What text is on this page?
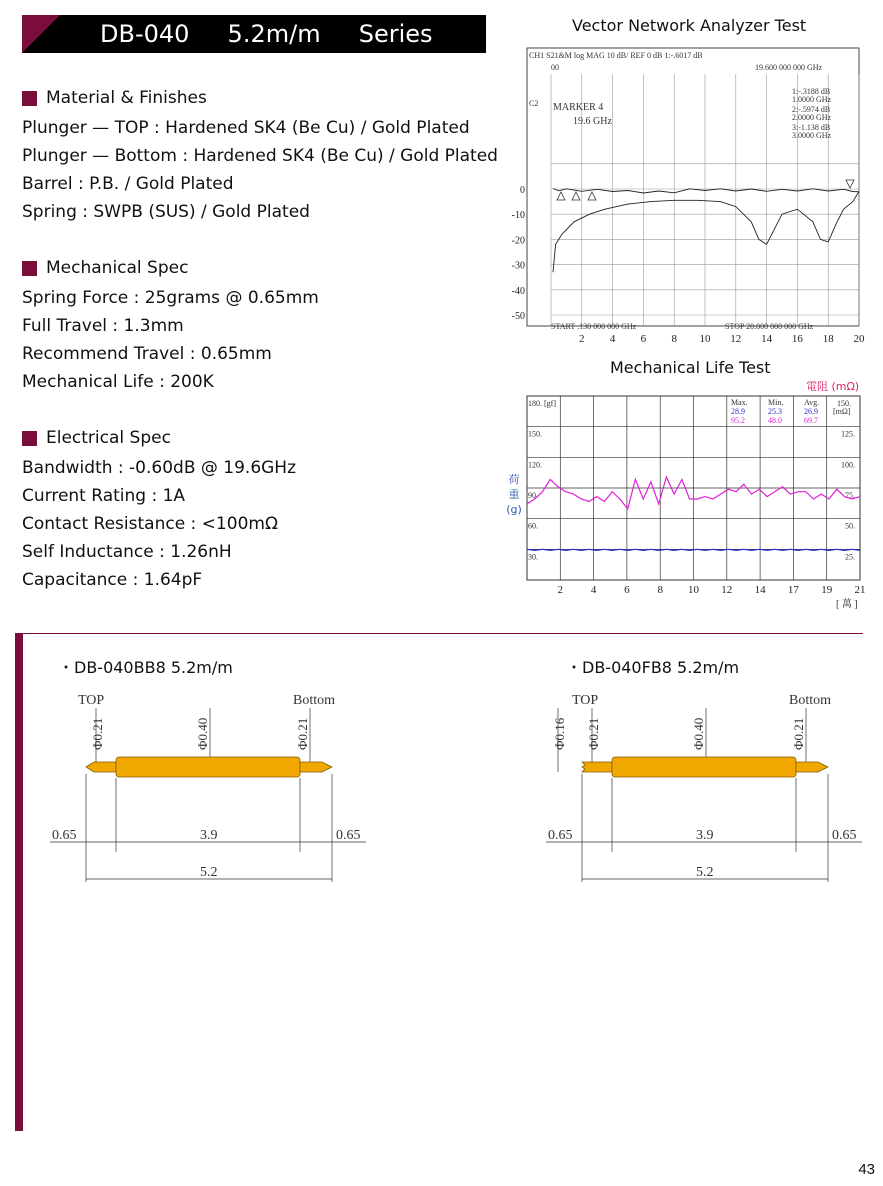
DB-040     5.2m/m     Series
Material & Finishes
Plunger — TOP : Hardened SK4 (Be Cu) / Gold Plated
Plunger — Bottom : Hardened SK4 (Be Cu) / Gold Plated
Barrel : P.B. / Gold Plated
Spring : SWPB (SUS) / Gold Plated
Mechanical Spec
Spring Force : 25grams @ 0.65mm
Full Travel : 1.3mm
Recommend Travel : 0.65mm
Mechanical Life : 200K
Electrical Spec
Bandwidth : -0.60dB @ 19.6GHz
Current Rating : 1A
Contact Resistance : <100mΩ
Self Inductance : 1.26nH
Capacitance : 1.64pF
Vector Network Analyzer Test
CH1 S21&M log MAG 10 dB/ REF 0 dB 1:-.6017 dB
00	19.600 000 000 GHz
C2 MARKER 4
19.6 GHz
1:-.3188 dB
1.0000 GHz
2:-.5974 dB
2.0000 GHz
3:-1.138 dB
3.0000 GHz
START .130 000 000 GHz	STOP 20.000 000 000 GHz
0
-10
-20
-30
-40
-50
2 4 6 8 10 12 14 16 18 20
Mechanical Life Test
電阻 (mΩ)
荷
重
(g)
150.
120.
90.
60.
30.
125.
100.
75.
50.
25.
Max.	Min.	Avg.
28.9	25.3	26.9
95.2	48.0	69.7
180. [gf]	150.
[mΩ]
2	4	6	8 10 12 14 17 19 21
[ 萬 ]
・DB-040BB8 5.2m/m
TOP	Bottom
Φ0.21	Φ0.40	Φ0.21
0.65	3.9	0.65
5.2
・DB-040FB8 5.2m/m
TOP	Bottom
Φ0.16 Φ0.21	Φ0.40	Φ0.21
0.65	3.9	0.65
5.2
43
